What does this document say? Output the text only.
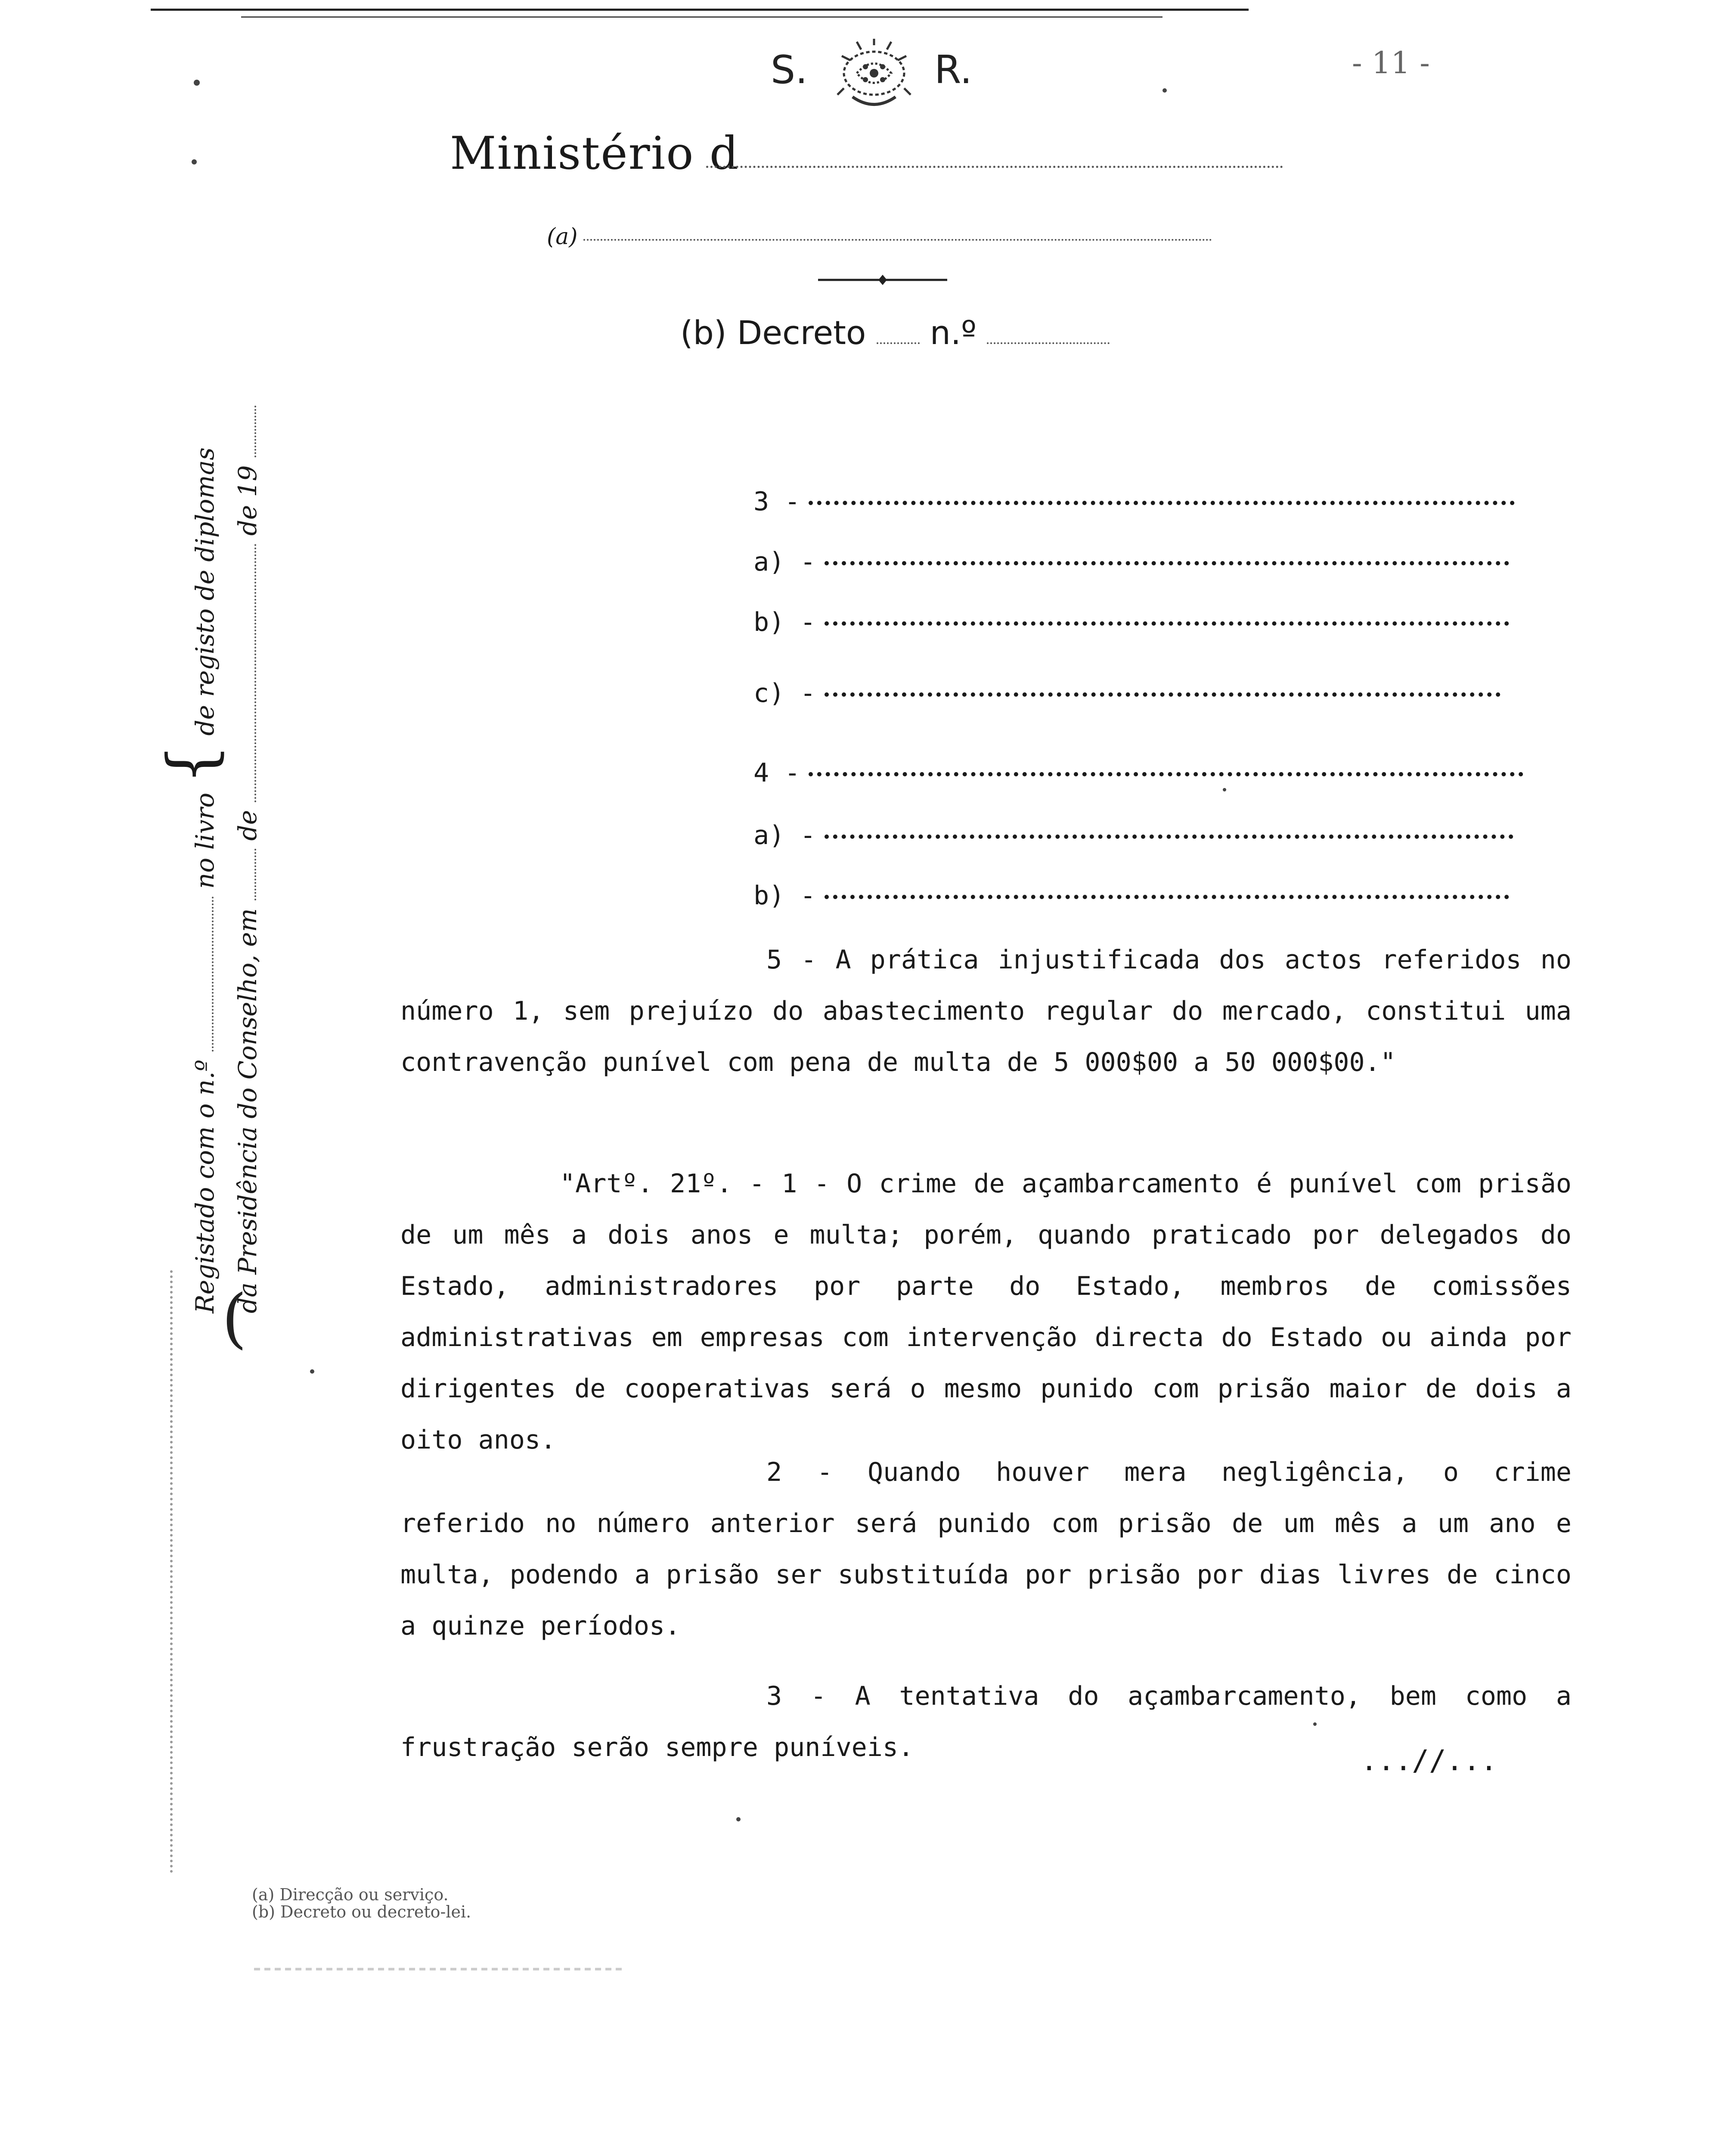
S.	R.	- 11 -
Ministério d
(a)
(b) Decreto n.º
Registado com o n.º  no livro { de registo de diplomas
da Presidência do Conselho, em  de  de 19
(
3 -
a) -
b) -
c) -
4 -
a) -
b) -

5 - A prática injustificada dos actos referidos no número 1, sem prejuízo do abastecimento regular do mercado, constitui uma contravenção punível com pena de multa de 5 000$00 a 50 000$00."

"Artº. 21º. - 1 - O crime de açambarcamento é punível com prisão de um mês a dois anos e multa; porém, quando praticado por delegados do Estado, administradores por parte do Estado, membros de comissões administrativas em empresas com intervenção directa do Estado ou ainda por dirigentes de cooperativas será o mesmo punido com prisão maior de dois a oito anos.

2 - Quando houver mera negligência, o crime referido no número anterior será punido com prisão de um mês a um ano e multa, podendo a prisão ser substituída por prisão por dias livres de cinco a quinze períodos.

3 - A tentativa do açambarcamento, bem como a frustração serão sempre puníveis.	...//...
(a) Direcção ou serviço.
(b) Decreto ou decreto-lei.
